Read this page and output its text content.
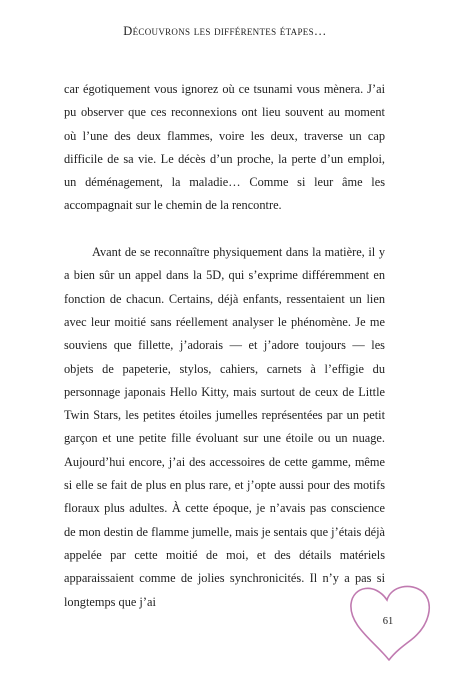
Découvrons les différentes étapes…

car égotiquement vous ignorez où ce tsunami vous mènera. J’ai pu observer que ces reconnexions ont lieu souvent au moment où l’une des deux flammes, voire les deux, traverse un cap difficile de sa vie. Le décès d’un proche, la perte d’un emploi, un déménagement, la maladie… Comme si leur âme les accompagnait sur le chemin de la rencontre.

Avant de se reconnaître physiquement dans la matière, il y a bien sûr un appel dans la 5D, qui s’exprime différemment en fonction de chacun. Certains, déjà enfants, ressentaient un lien avec leur moitié sans réellement analyser le phénomène. Je me souviens que fillette, j’adorais — et j’adore toujours — les objets de papeterie, stylos, cahiers, carnets à l’effigie du personnage japonais Hello Kitty, mais surtout de ceux de Little Twin Stars, les petites étoiles jumelles représentées par un petit garçon et une petite fille évoluant sur une étoile ou un nuage. Aujourd’hui encore, j’ai des accessoires de cette gamme, même si elle se fait de plus en plus rare, et j’opte aussi pour des motifs floraux plus adultes. À cette époque, je n’avais pas conscience de mon destin de flamme jumelle, mais je sentais que j’étais déjà appelée par cette moitié de moi, et des détails matériels apparaissaient comme de jolies synchronicités. Il n’y a pas si longtemps que j’ai

61
